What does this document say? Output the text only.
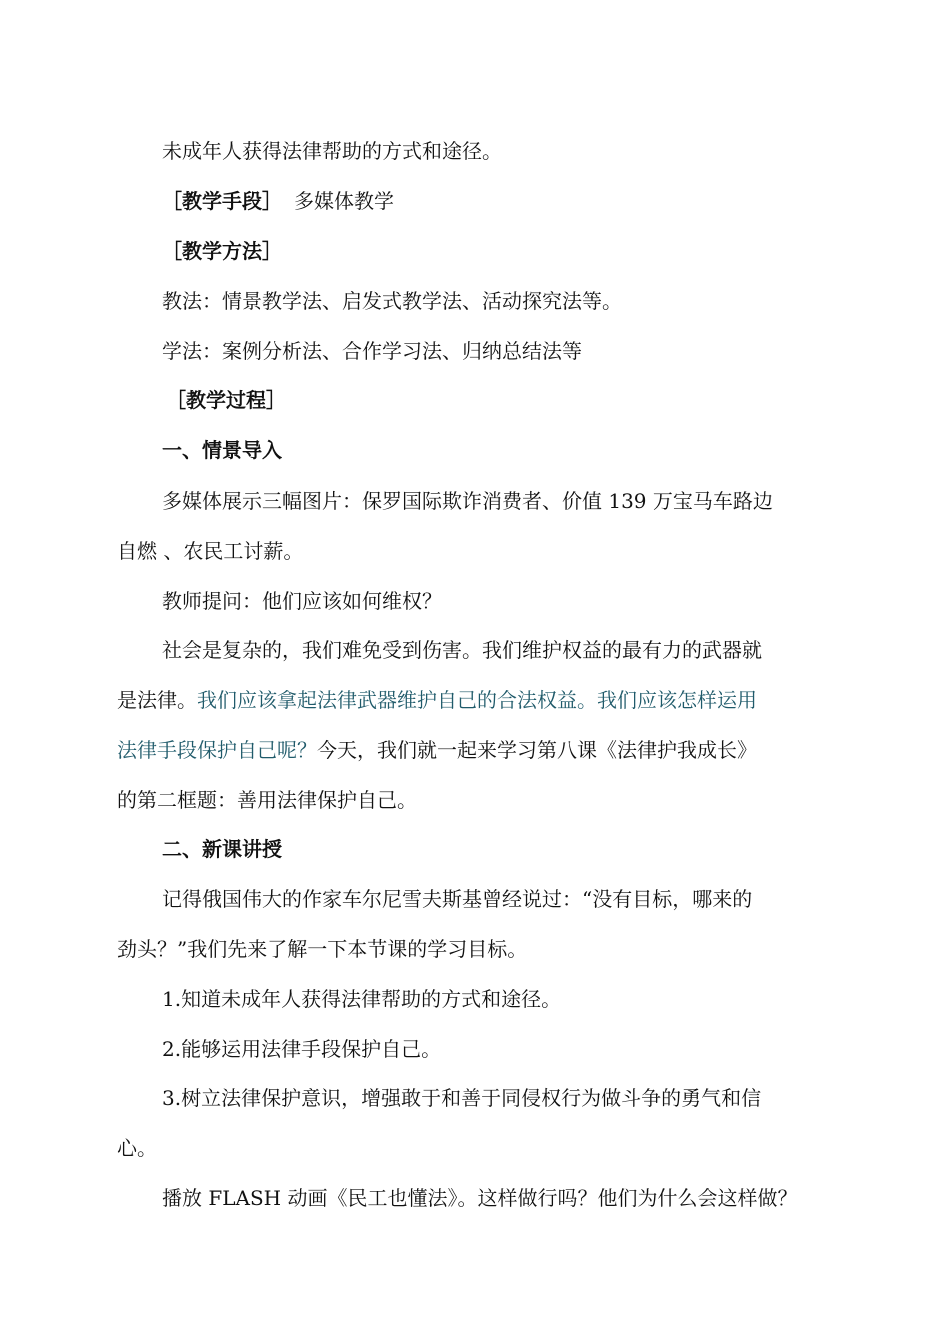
未成年人获得法律帮助的方式和途径。
［教学手段］ 多媒体教学
［教学方法］
教法：情景教学法、启发式教学法、活动探究法等。
学法：案例分析法、合作学习法、归纳总结法等
［教学过程］
一、情景导入
多媒体展示三幅图片：保罗国际欺诈消费者、价值 139 万宝马车路边
自燃 、农民工讨薪。
教师提问：他们应该如何维权？
社会是复杂的，我们难免受到伤害。我们维护权益的最有力的武器就
是法律。我们应该拿起法律武器维护自己的合法权益。我们应该怎样运用
法律手段保护自己呢？今天，我们就一起来学习第八课《法律护我成长》
的第二框题：善用法律保护自己。
二、新课讲授
记得俄国伟大的作家车尔尼雪夫斯基曾经说过：“没有目标，哪来的
劲头？”我们先来了解一下本节课的学习目标。
1.知道未成年人获得法律帮助的方式和途径。
2.能够运用法律手段保护自己。
3.树立法律保护意识，增强敢于和善于同侵权行为做斗争的勇气和信
心。
播放 FLASH 动画《民工也懂法》。这样做行吗？他们为什么会这样做？
